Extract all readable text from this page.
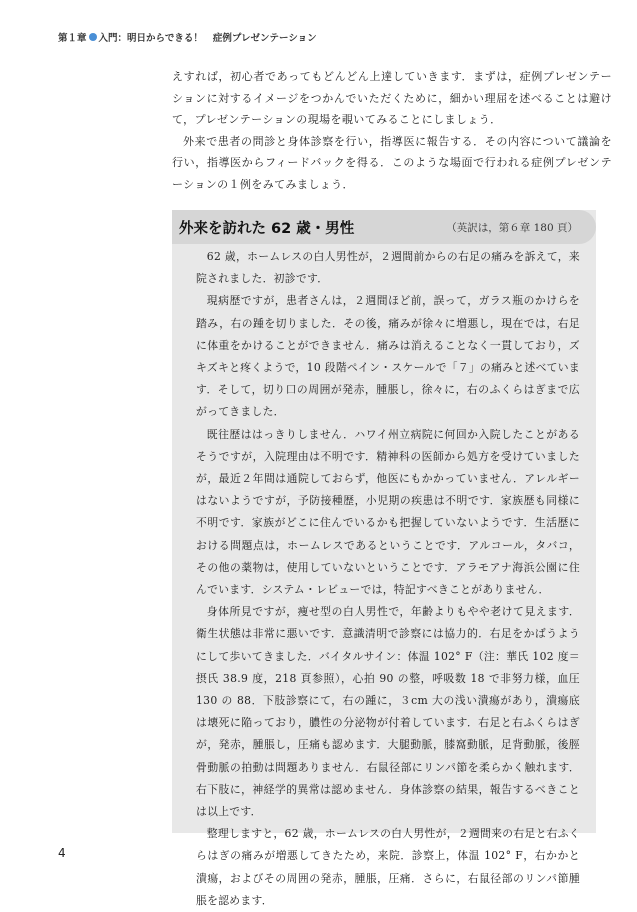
第１章 入門：明日からできる！ 症例プレゼンテーション

えすれば，初心者であってもどんどん上達していきます．まずは，症例プレゼンテーションに対するイメージをつかんでいただくために，細かい理屈を述べることは避けて，プレゼンテーションの現場を覗いてみることにしましょう．

外来で患者の問診と身体診察を行い，指導医に報告する．その内容について議論を行い，指導医からフィードバックを得る．このような場面で行われる症例プレゼンテーションの１例をみてみましょう．

外来を訪れた 62 歳・男性	（英訳は，第６章 180 頁）

62 歳，ホームレスの白人男性が，２週間前からの右足の痛みを訴えて，来院されました．初診です．

現病歴ですが，患者さんは，２週間ほど前，誤って，ガラス瓶のかけらを踏み，右の踵を切りました．その後，痛みが徐々に増悪し，現在では，右足に体重をかけることができません．痛みは消えることなく一貫しており，ズキズキと疼くようで，10 段階ペイン・スケールで「７」の痛みと述べています．そして，切り口の周囲が発赤，腫脹し，徐々に，右のふくらはぎまで広がってきました．

既往歴ははっきりしません．ハワイ州立病院に何回か入院したことがあるそうですが，入院理由は不明です．精神科の医師から処方を受けていましたが，最近２年間は通院しておらず，他医にもかかっていません．アレルギーはないようですが，予防接種歴，小児期の疾患は不明です．家族歴も同様に不明です．家族がどこに住んでいるかも把握していないようです．生活歴における問題点は，ホームレスであるということです．アルコール，タバコ，その他の薬物は，使用していないということです．アラモアナ海浜公園に住んでいます．システム・レビューでは，特記すべきことがありません．

身体所見ですが，痩せ型の白人男性で，年齢よりもやや老けて見えます．衛生状態は非常に悪いです．意識清明で診察には協力的．右足をかばうようにして歩いてきました．バイタルサイン：体温 102° F（注：華氏 102 度＝摂氏 38.9 度，218 頁参照），心拍 90 の整，呼吸数 18 で非努力様，血圧 130 の 88．下肢診察にて，右の踵に，３cm 大の浅い潰瘍があり，潰瘍底は壊死に陥っており，膿性の分泌物が付着しています．右足と右ふくらはぎが，発赤，腫脹し，圧痛も認めます．大腿動脈，膝窩動脈，足背動脈，後脛骨動脈の拍動は問題ありません．右鼠径部にリンパ節を柔らかく触れます．右下肢に，神経学的異常は認めません．身体診察の結果，報告するべきことは以上です．

整理しますと，62 歳，ホームレスの白人男性が，２週間来の右足と右ふくらはぎの痛みが増悪してきたため，来院．診察上，体温 102° F，右かかと潰瘍，およびその周囲の発赤，腫脹，圧痛．さらに，右鼠径部のリンパ節腫脹を認めます．

4
